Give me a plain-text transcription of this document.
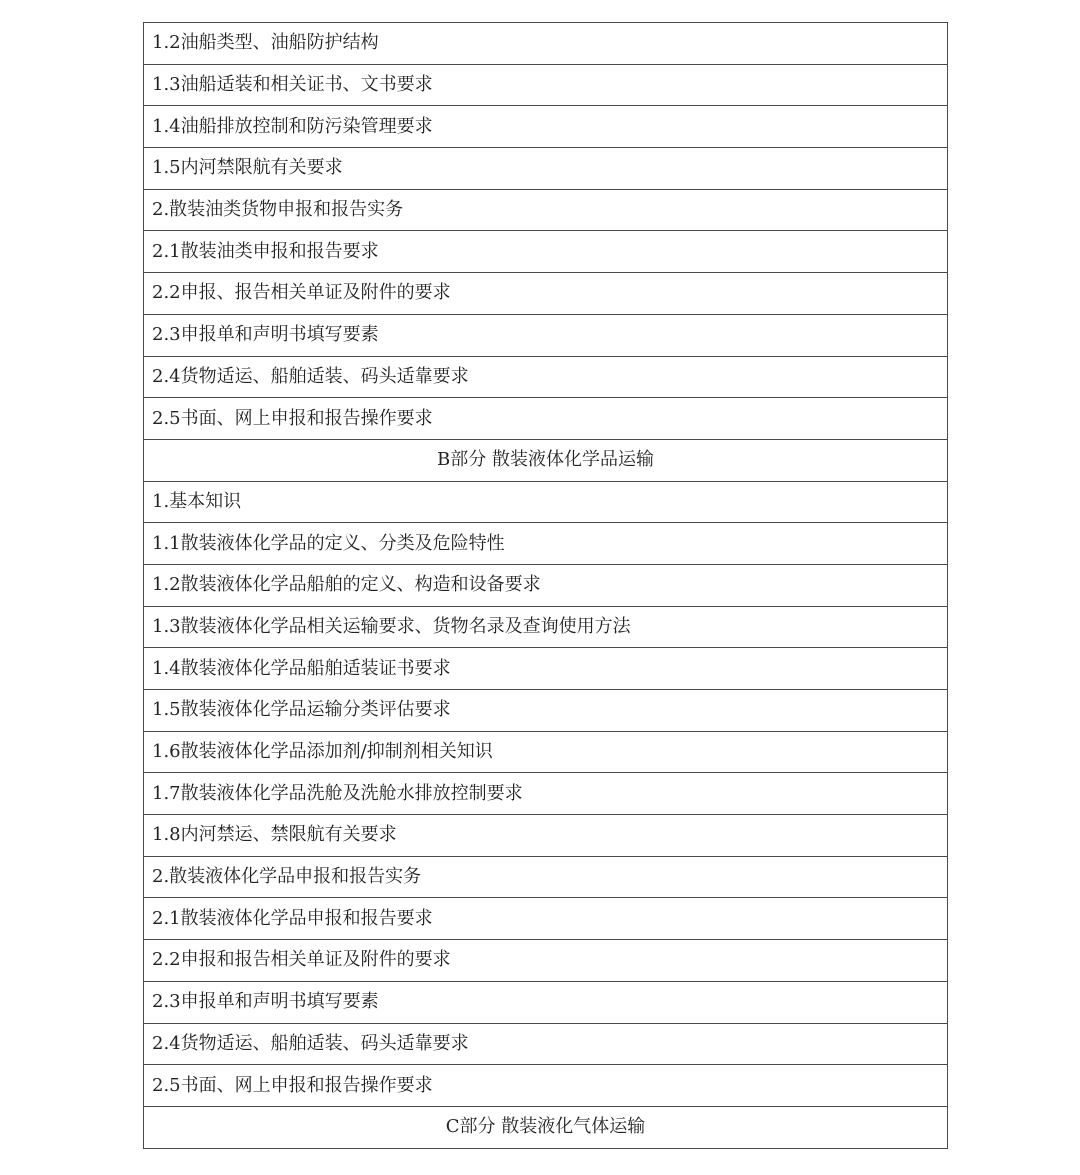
1.2油船类型、油船防护结构
1.3油船适装和相关证书、文书要求
1.4油船排放控制和防污染管理要求
1.5内河禁限航有关要求
2.散装油类货物申报和报告实务
2.1散装油类申报和报告要求
2.2申报、报告相关单证及附件的要求
2.3申报单和声明书填写要素
2.4货物适运、船舶适装、码头适靠要求
2.5书面、网上申报和报告操作要求
B部分 散装液体化学品运输
1.基本知识
1.1散装液体化学品的定义、分类及危险特性
1.2散装液体化学品船舶的定义、构造和设备要求
1.3散装液体化学品相关运输要求、货物名录及查询使用方法
1.4散装液体化学品船舶适装证书要求
1.5散装液体化学品运输分类评估要求
1.6散装液体化学品添加剂/抑制剂相关知识
1.7散装液体化学品洗舱及洗舱水排放控制要求
1.8内河禁运、禁限航有关要求
2.散装液体化学品申报和报告实务
2.1散装液体化学品申报和报告要求
2.2申报和报告相关单证及附件的要求
2.3申报单和声明书填写要素
2.4货物适运、船舶适装、码头适靠要求
2.5书面、网上申报和报告操作要求
C部分 散装液化气体运输
